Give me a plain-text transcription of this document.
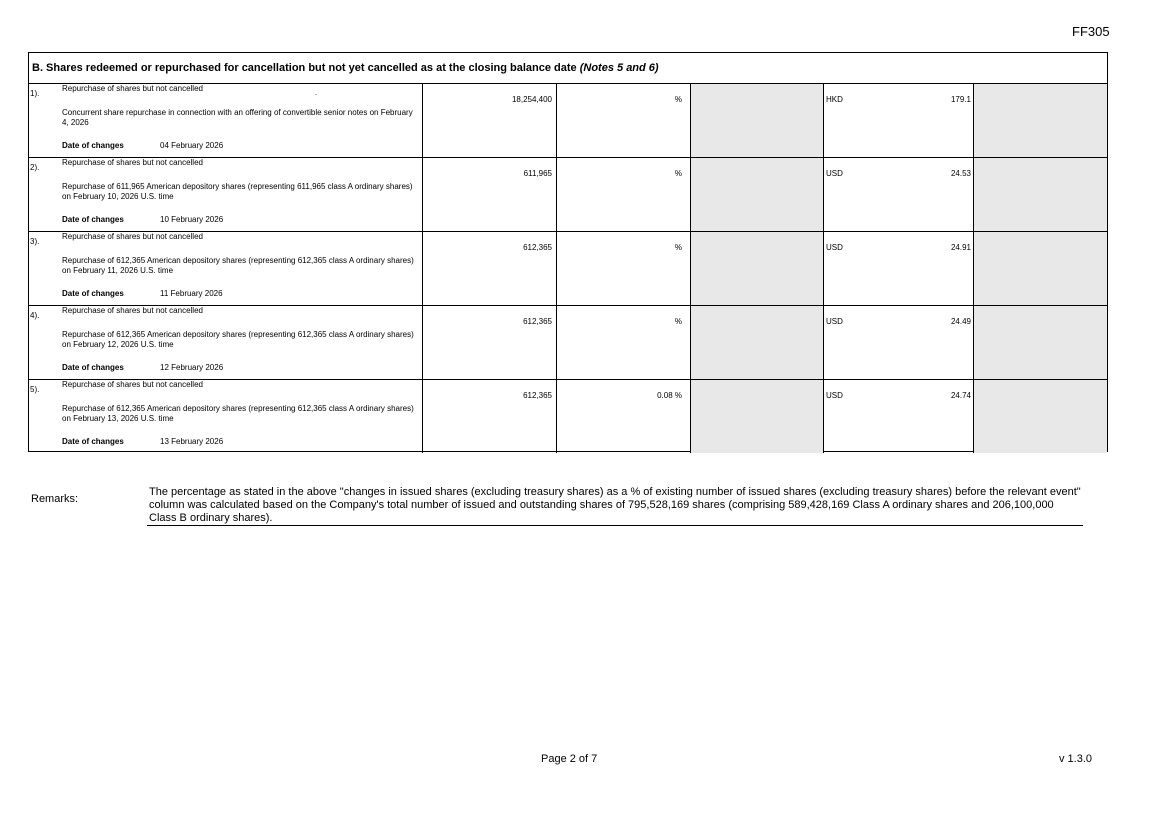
FF305
B. Shares redeemed or repurchased for cancellation but not yet cancelled as at the closing balance date (Notes 5 and 6)
1).
Repurchase of shares but not cancelled	.
Concurrent share repurchase in connection with an offering of convertible senior notes on February 4, 2026
Date of changes	04 February 2026
18,254,400	%	HKD	179.1
2).
Repurchase of shares but not cancelled
Repurchase of 611,965 American depository shares (representing 611,965 class A ordinary shares) on February 10, 2026 U.S. time
Date of changes	10 February 2026
611,965	%	USD	24.53
3).
Repurchase of shares but not cancelled
Repurchase of 612,365 American depository shares (representing 612,365 class A ordinary shares) on February 11, 2026 U.S. time
Date of changes	11 February 2026
612,365	%	USD	24.91
4).
Repurchase of shares but not cancelled
Repurchase of 612,365 American depository shares (representing 612,365 class A ordinary shares) on February 12, 2026 U.S. time
Date of changes	12 February 2026
612,365	%	USD	24.49
5).
Repurchase of shares but not cancelled
Repurchase of 612,365 American depository shares (representing 612,365 class A ordinary shares) on February 13, 2026 U.S. time
Date of changes	13 February 2026
612,365	0.08 %	USD	24.74
Remarks:
The percentage as stated in the above "changes in issued shares (excluding treasury shares) as a % of existing number of issued shares (excluding treasury shares) before the relevant event" column was calculated based on the Company's total number of issued and outstanding shares of 795,528,169 shares (comprising 589,428,169 Class A ordinary shares and 206,100,000 Class B ordinary shares).
Page 2 of 7	v 1.3.0
